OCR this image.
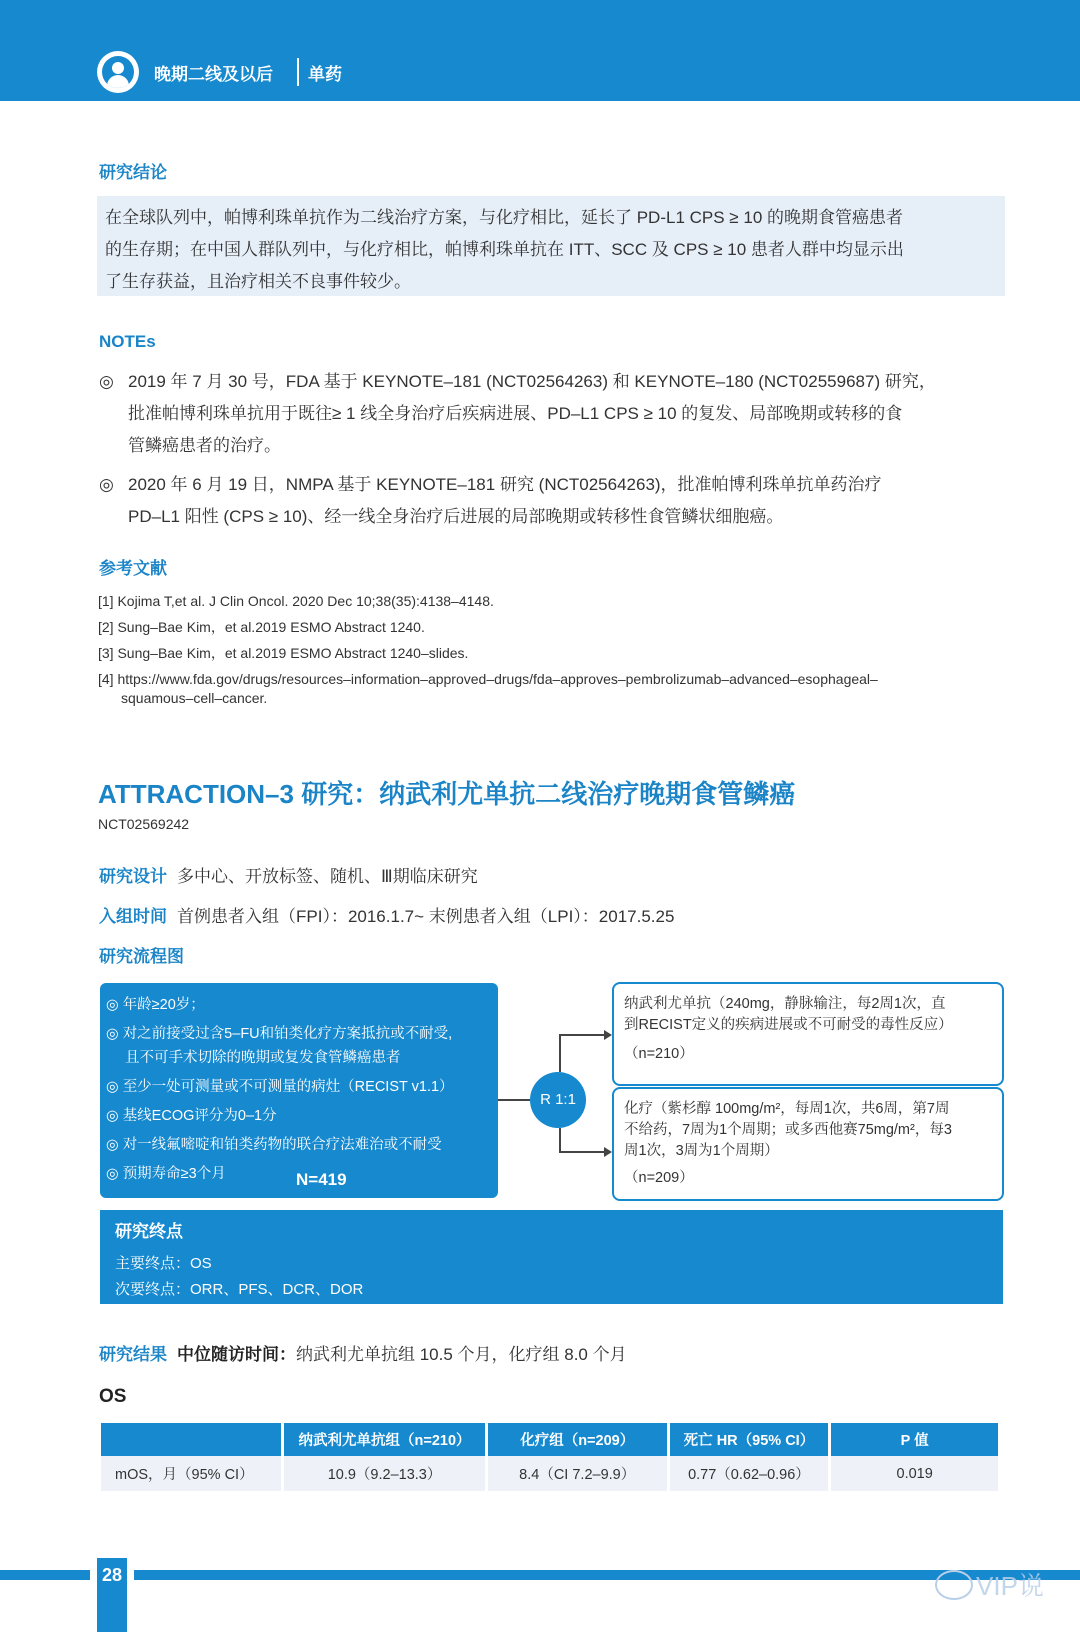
晚期二线及以后 单药
研究结论
在全球队列中，帕博利珠单抗作为二线治疗方案，与化疗相比，延长了 PD-L1 CPS ≥ 10 的晚期食管癌患者
的生存期；在中国人群队列中，与化疗相比，帕博利珠单抗在 ITT、SCC 及 CPS ≥ 10 患者人群中均显示出
了生存获益，且治疗相关不良事件较少。
NOTEs
◎ 2019 年 7 月 30 号，FDA 基于 KEYNOTE–181 (NCT02564263) 和 KEYNOTE–180 (NCT02559687) 研究，
批准帕博利珠单抗用于既往≥ 1 线全身治疗后疾病进展、PD–L1 CPS ≥ 10 的复发、局部晚期或转移的食
管鳞癌患者的治疗。
◎ 2020 年 6 月 19 日，NMPA 基于 KEYNOTE–181 研究 (NCT02564263)，批准帕博利珠单抗单药治疗
PD–L1 阳性 (CPS ≥ 10)、经一线全身治疗后进展的局部晚期或转移性食管鳞状细胞癌。
参考文献
[1] Kojima T,et al. J Clin Oncol. 2020 Dec 10;38(35):4138–4148.
[2] Sung–Bae Kim，et al.2019 ESMO Abstract 1240.
[3] Sung–Bae Kim，et al.2019 ESMO Abstract 1240–slides.
[4] https://www.fda.gov/drugs/resources–information–approved–drugs/fda–approves–pembrolizumab–advanced–esophageal–
squamous–cell–cancer.
ATTRACTION–3 研究：纳武利尤单抗二线治疗晚期食管鳞癌
NCT02569242
研究设计 多中心、开放标签、随机、Ⅲ期临床研究
入组时间 首例患者入组（FPI）：2016.1.7~ 末例患者入组（LPI）：2017.5.25
研究流程图
◎ 年龄≥20岁；
◎ 对之前接受过含5–FU和铂类化疗方案抵抗或不耐受,
且不可手术切除的晚期或复发食管鳞癌患者
◎ 至少一处可测量或不可测量的病灶（RECIST v1.1）
◎ 基线ECOG评分为0–1分
◎ 对一线氟嘧啶和铂类药物的联合疗法难治或不耐受
◎ 预期寿命≥3个月	N=419
R 1:1
纳武利尤单抗（240mg，静脉输注，每2周1次，直
到RECIST定义的疾病进展或不可耐受的毒性反应）
（n=210）
化疗（紫杉醇 100mg/m²，每周1次，共6周，第7周
不给药，7周为1个周期；或多西他赛75mg/m²，每3
周1次，3周为1个周期）
（n=209）
研究终点
主要终点：OS
次要终点：ORR、PFS、DCR、DOR
研究结果 中位随访时间：纳武利尤单抗组 10.5 个月，化疗组 8.0 个月
OS
	纳武利尤单抗组（n=210）	化疗组（n=209）	死亡 HR（95% CI）	P 值
mOS，月（95% CI）	10.9（9.2–13.3）	8.4（CI 7.2–9.9）	0.77（0.62–0.96）	0.019
28	VIP说
